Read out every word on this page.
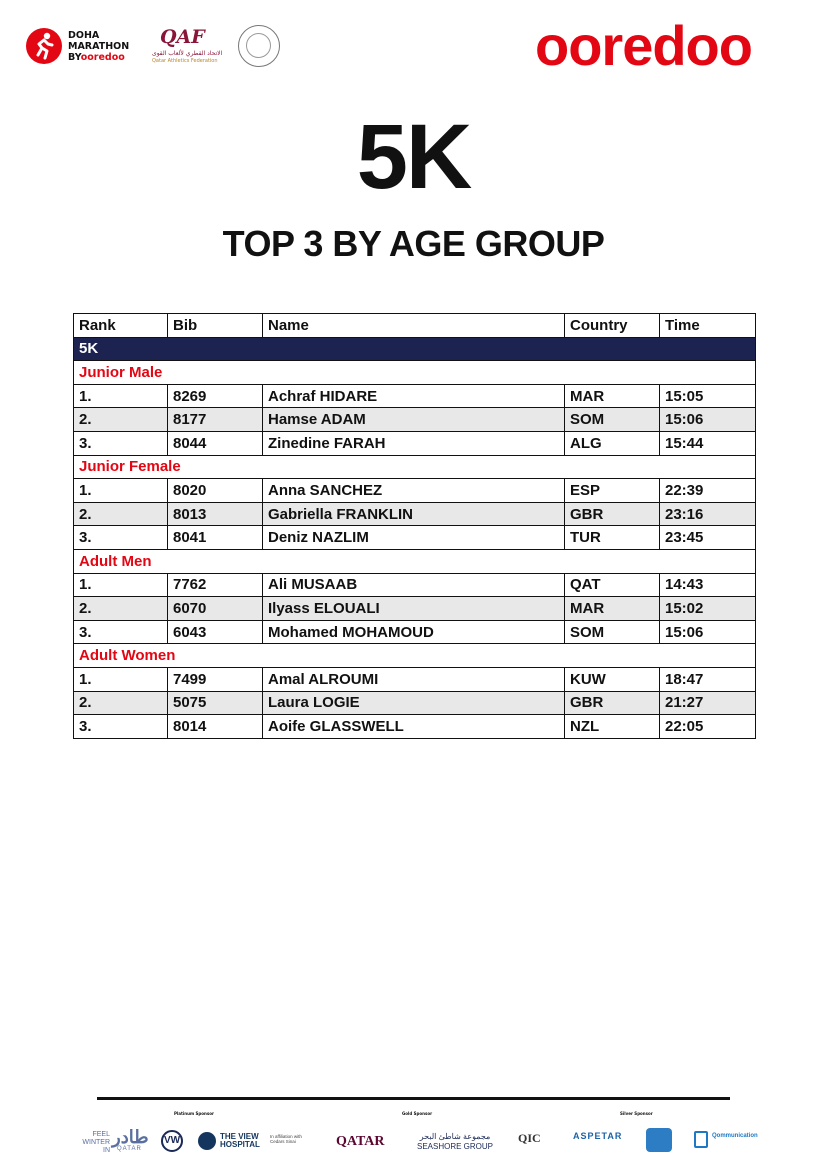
DOHA
MARATHON
BYooredoo
QAF
الاتحاد القطري لألعاب القوى
Qatar Athletics Federation	ooredoo
5K
TOP 3 BY AGE GROUP
Rank	Bib	Name	Country	Time
5K				
Junior Male				
1.	8269	Achraf HIDARE	MAR	15:05
2.	8177	Hamse ADAM	SOM	15:06
3.	8044	Zinedine FARAH	ALG	15:44
Junior Female				
1.	8020	Anna SANCHEZ	ESP	22:39
2.	8013	Gabriella FRANKLIN	GBR	23:16
3.	8041	Deniz NAZLIM	TUR	23:45
Adult Men				
1.	7762	Ali MUSAAB	QAT	14:43
2.	6070	Ilyass ELOUALI	MAR	15:02
3.	6043	Mohamed MOHAMOUD	SOM	15:06
Adult Women				
1.	7499	Amal ALROUMI	KUW	18:47
2.	5075	Laura LOGIE	GBR	21:27
3.	8014	Aoife GLASSWELL	NZL	22:05
Platinum Sponsor	Gold Sponsor	Silver Sponsor
FEEL WINTER IN
طادر
QATAR
VW	THE VIEW HOSPITAL
In affiliation with Cedars Sinai	QATAR	مجموعة شاطئ البحر
SEASHORE GROUP
QIC	ASPETAR	Qommunication
